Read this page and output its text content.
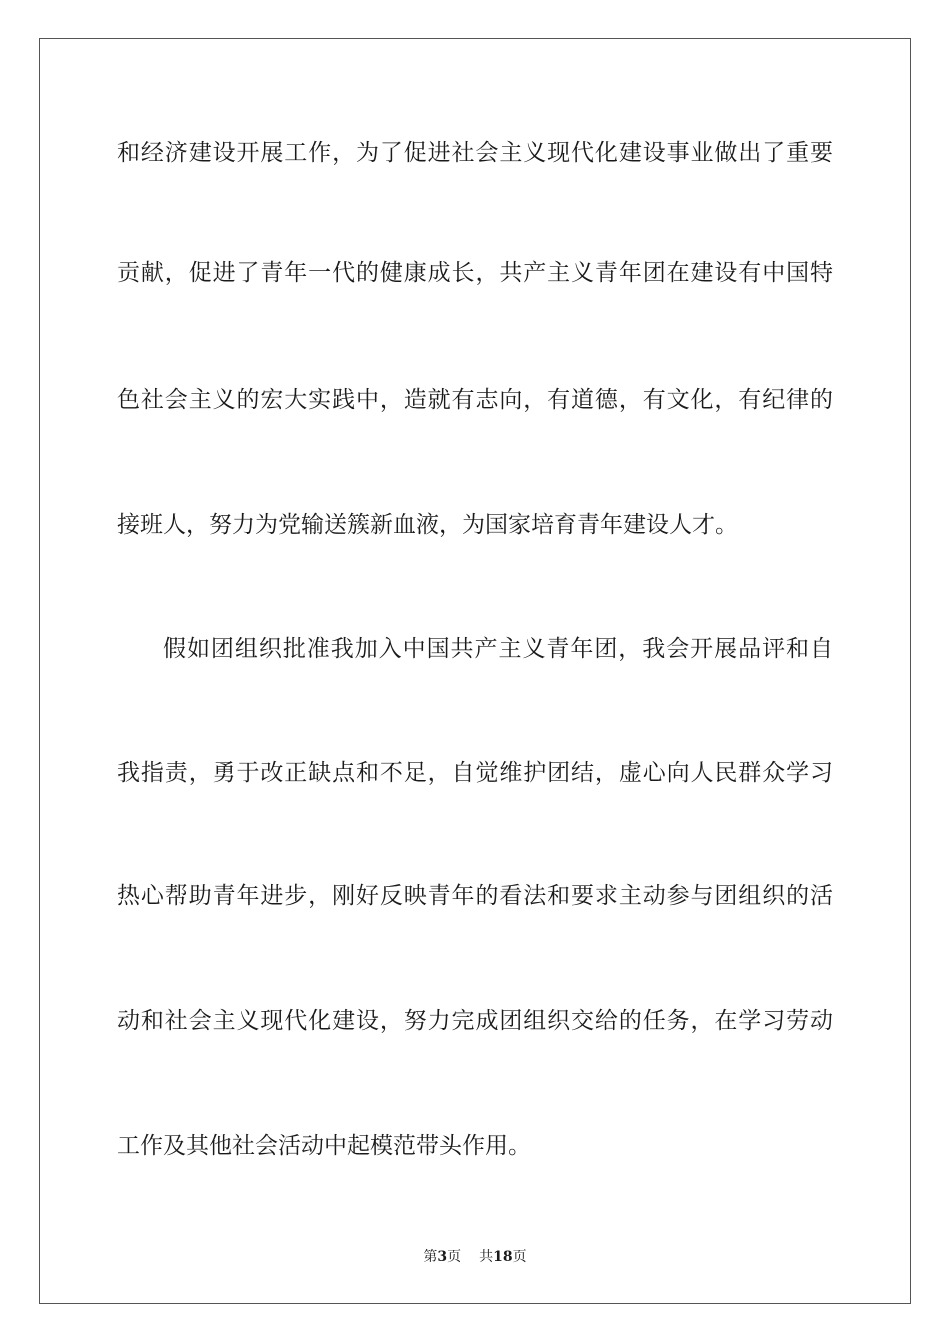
和经济建设开展工作，为了促进社会主义现代化建设事业做出了重要
贡献，促进了青年一代的健康成长，共产主义青年团在建设有中国特
色社会主义的宏大实践中，造就有志向，有道德，有文化，有纪律的
接班人，努力为党输送簇新血液，为国家培育青年建设人才。
假如团组织批准我加入中国共产主义青年团，我会开展品评和自
我指责，勇于改正缺点和不足，自觉维护团结，虚心向人民群众学习
热心帮助青年进步，刚好反映青年的看法和要求主动参与团组织的活
动和社会主义现代化建设，努力完成团组织交给的任务，在学习劳动
工作及其他社会活动中起模范带头作用。
第3页 共18页
